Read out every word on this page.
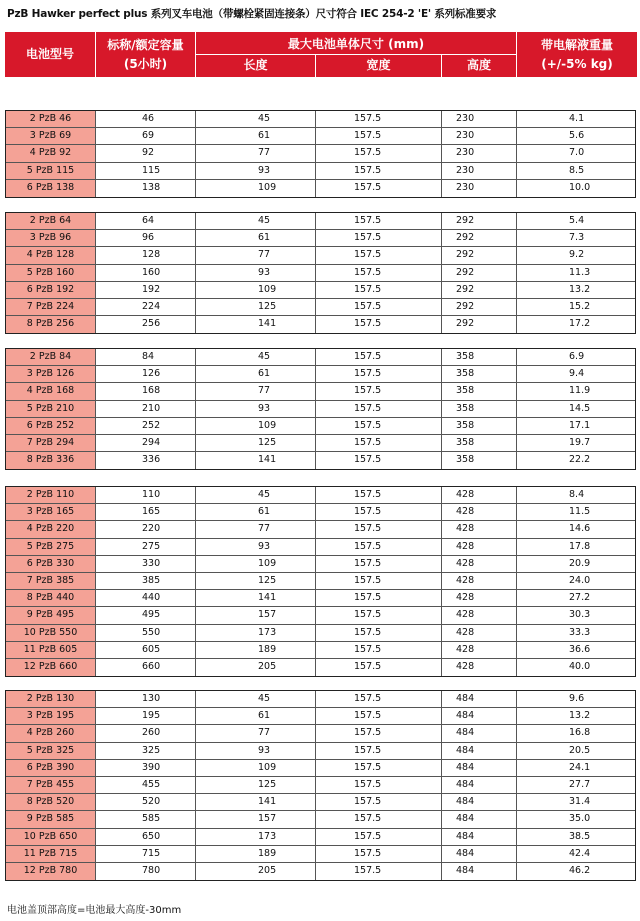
PzB Hawker perfect plus 系列叉车电池（带螺栓紧固连接条）尺寸符合 IEC 254-2 'E' 系列标准要求
电池型号
标称/额定容量
(5小时)
最大电池单体尺寸 (mm)
长度	宽度	高度
带电解液重量
(+/-5% kg)
2 PzB 46	46	45	157.5	230	4.1
3 PzB 69	69	61	157.5	230	5.6
4 PzB 92	92	77	157.5	230	7.0
5 PzB 115	115	93	157.5	230	8.5
6 PzB 138	138	109	157.5	230	10.0
2 PzB 64	64	45	157.5	292	5.4
3 PzB 96	96	61	157.5	292	7.3
4 PzB 128	128	77	157.5	292	9.2
5 PzB 160	160	93	157.5	292	11.3
6 PzB 192	192	109	157.5	292	13.2
7 PzB 224	224	125	157.5	292	15.2
8 PzB 256	256	141	157.5	292	17.2
2 PzB 84	84	45	157.5	358	6.9
3 PzB 126	126	61	157.5	358	9.4
4 PzB 168	168	77	157.5	358	11.9
5 PzB 210	210	93	157.5	358	14.5
6 PzB 252	252	109	157.5	358	17.1
7 PzB 294	294	125	157.5	358	19.7
8 PzB 336	336	141	157.5	358	22.2
2 PzB 110	110	45	157.5	428	8.4
3 PzB 165	165	61	157.5	428	11.5
4 PzB 220	220	77	157.5	428	14.6
5 PzB 275	275	93	157.5	428	17.8
6 PzB 330	330	109	157.5	428	20.9
7 PzB 385	385	125	157.5	428	24.0
8 PzB 440	440	141	157.5	428	27.2
9 PzB 495	495	157	157.5	428	30.3
10 PzB 550	550	173	157.5	428	33.3
11 PzB 605	605	189	157.5	428	36.6
12 PzB 660	660	205	157.5	428	40.0
2 PzB 130	130	45	157.5	484	9.6
3 PzB 195	195	61	157.5	484	13.2
4 PzB 260	260	77	157.5	484	16.8
5 PzB 325	325	93	157.5	484	20.5
6 PzB 390	390	109	157.5	484	24.1
7 PzB 455	455	125	157.5	484	27.7
8 PzB 520	520	141	157.5	484	31.4
9 PzB 585	585	157	157.5	484	35.0
10 PzB 650	650	173	157.5	484	38.5
11 PzB 715	715	189	157.5	484	42.4
12 PzB 780	780	205	157.5	484	46.2
电池盖顶部高度=电池最大高度-30mm
